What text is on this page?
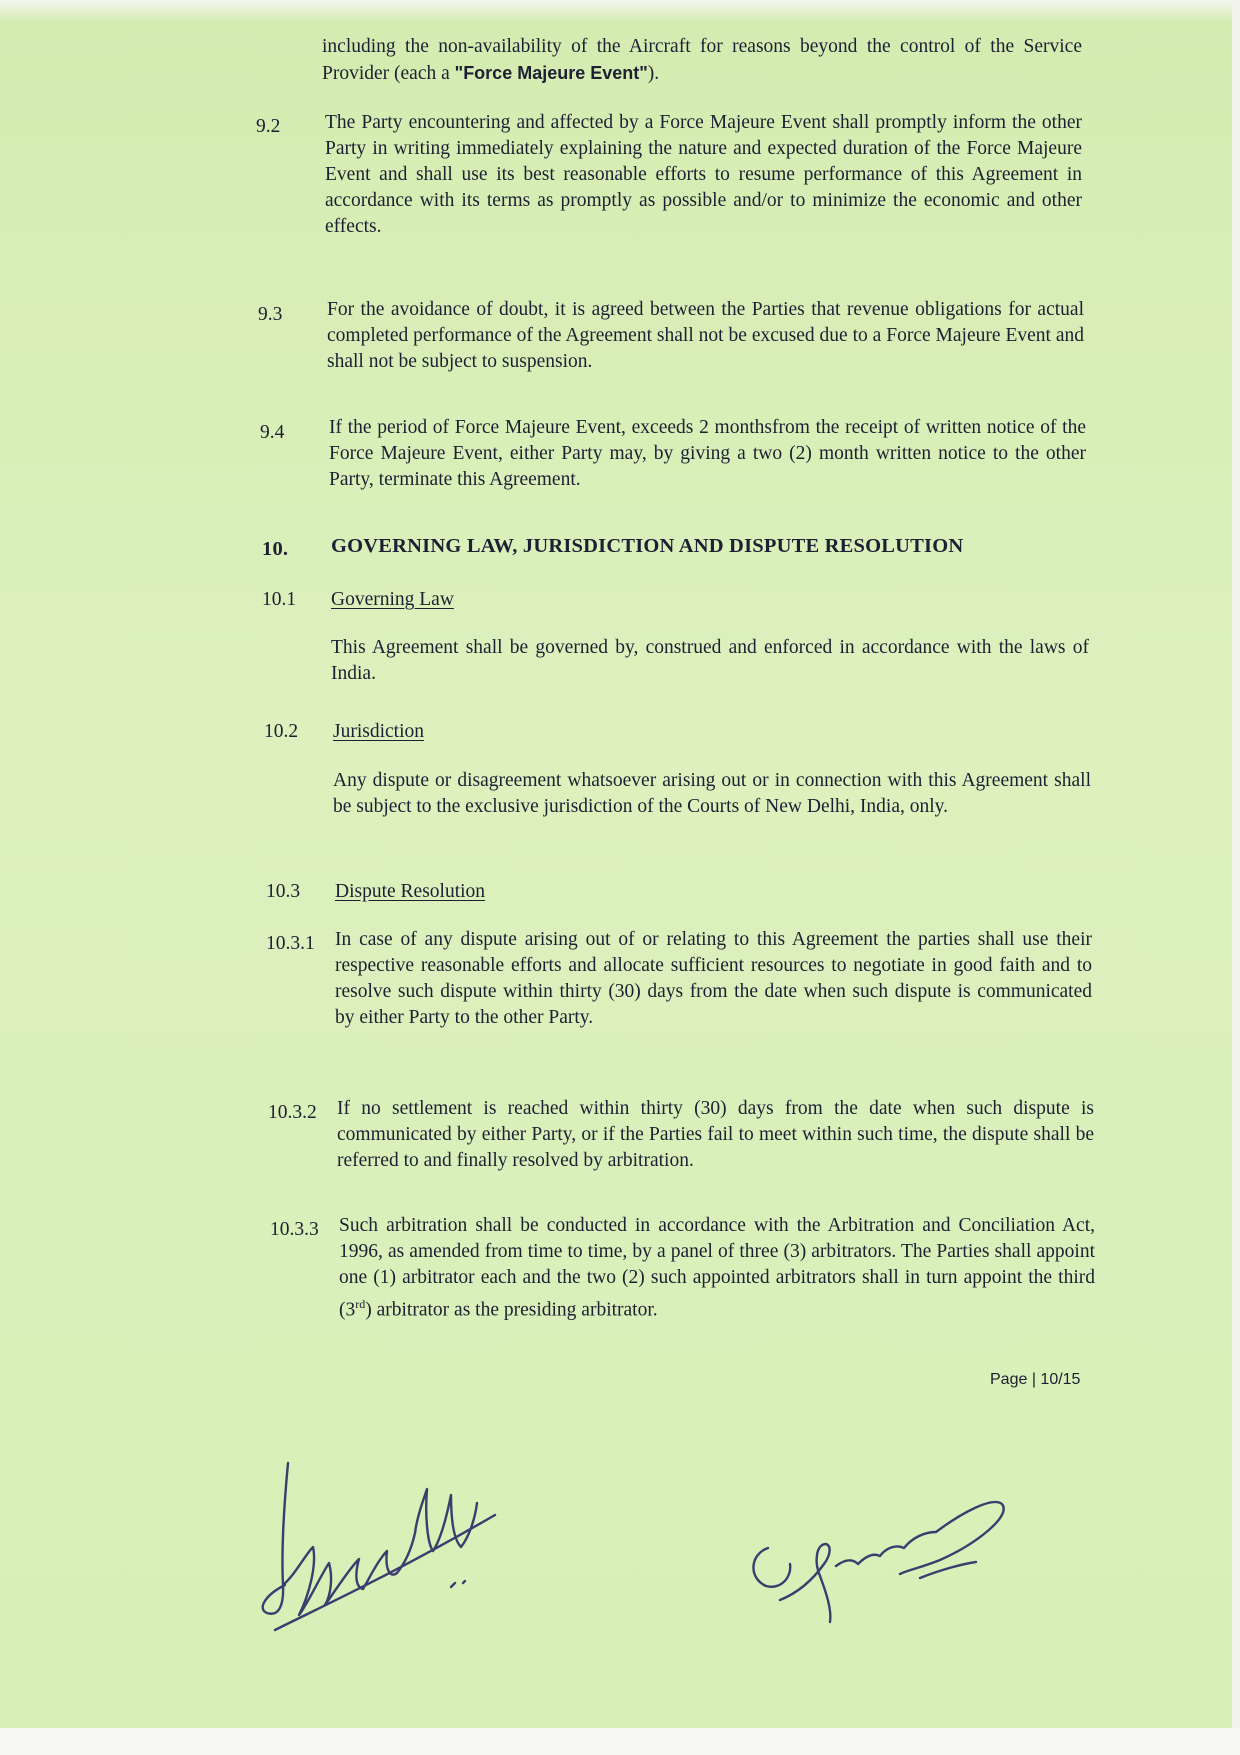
including the non-availability of the Aircraft for reasons beyond the control of the Service Provider (each a "Force Majeure Event").
9.2 The Party encountering and affected by a Force Majeure Event shall promptly inform the other Party in writing immediately explaining the nature and expected duration of the Force Majeure Event and shall use its best reasonable efforts to resume performance of this Agreement in accordance with its terms as promptly as possible and/or to minimize the economic and other effects.
9.3 For the avoidance of doubt, it is agreed between the Parties that revenue obligations for actual completed performance of the Agreement shall not be excused due to a Force Majeure Event and shall not be subject to suspension.
9.4 If the period of Force Majeure Event, exceeds 2 monthsfrom the receipt of written notice of the Force Majeure Event, either Party may, by giving a two (2) month written notice to the other Party, terminate this Agreement.
10. GOVERNING LAW, JURISDICTION AND DISPUTE RESOLUTION
10.1 Governing Law
This Agreement shall be governed by, construed and enforced in accordance with the laws of India.
10.2 Jurisdiction
Any dispute or disagreement whatsoever arising out or in connection with this Agreement shall be subject to the exclusive jurisdiction of the Courts of New Delhi, India, only.
10.3 Dispute Resolution
10.3.1 In case of any dispute arising out of or relating to this Agreement the parties shall use their respective reasonable efforts and allocate sufficient resources to negotiate in good faith and to resolve such dispute within thirty (30) days from the date when such dispute is communicated by either Party to the other Party.
10.3.2 If no settlement is reached within thirty (30) days from the date when such dispute is communicated by either Party, or if the Parties fail to meet within such time, the dispute shall be referred to and finally resolved by arbitration.
10.3.3 Such arbitration shall be conducted in accordance with the Arbitration and Conciliation Act, 1996, as amended from time to time, by a panel of three (3) arbitrators. The Parties shall appoint one (1) arbitrator each and the two (2) such appointed arbitrators shall in turn appoint the third (3rd) arbitrator as the presiding arbitrator.
Page | 10/15
